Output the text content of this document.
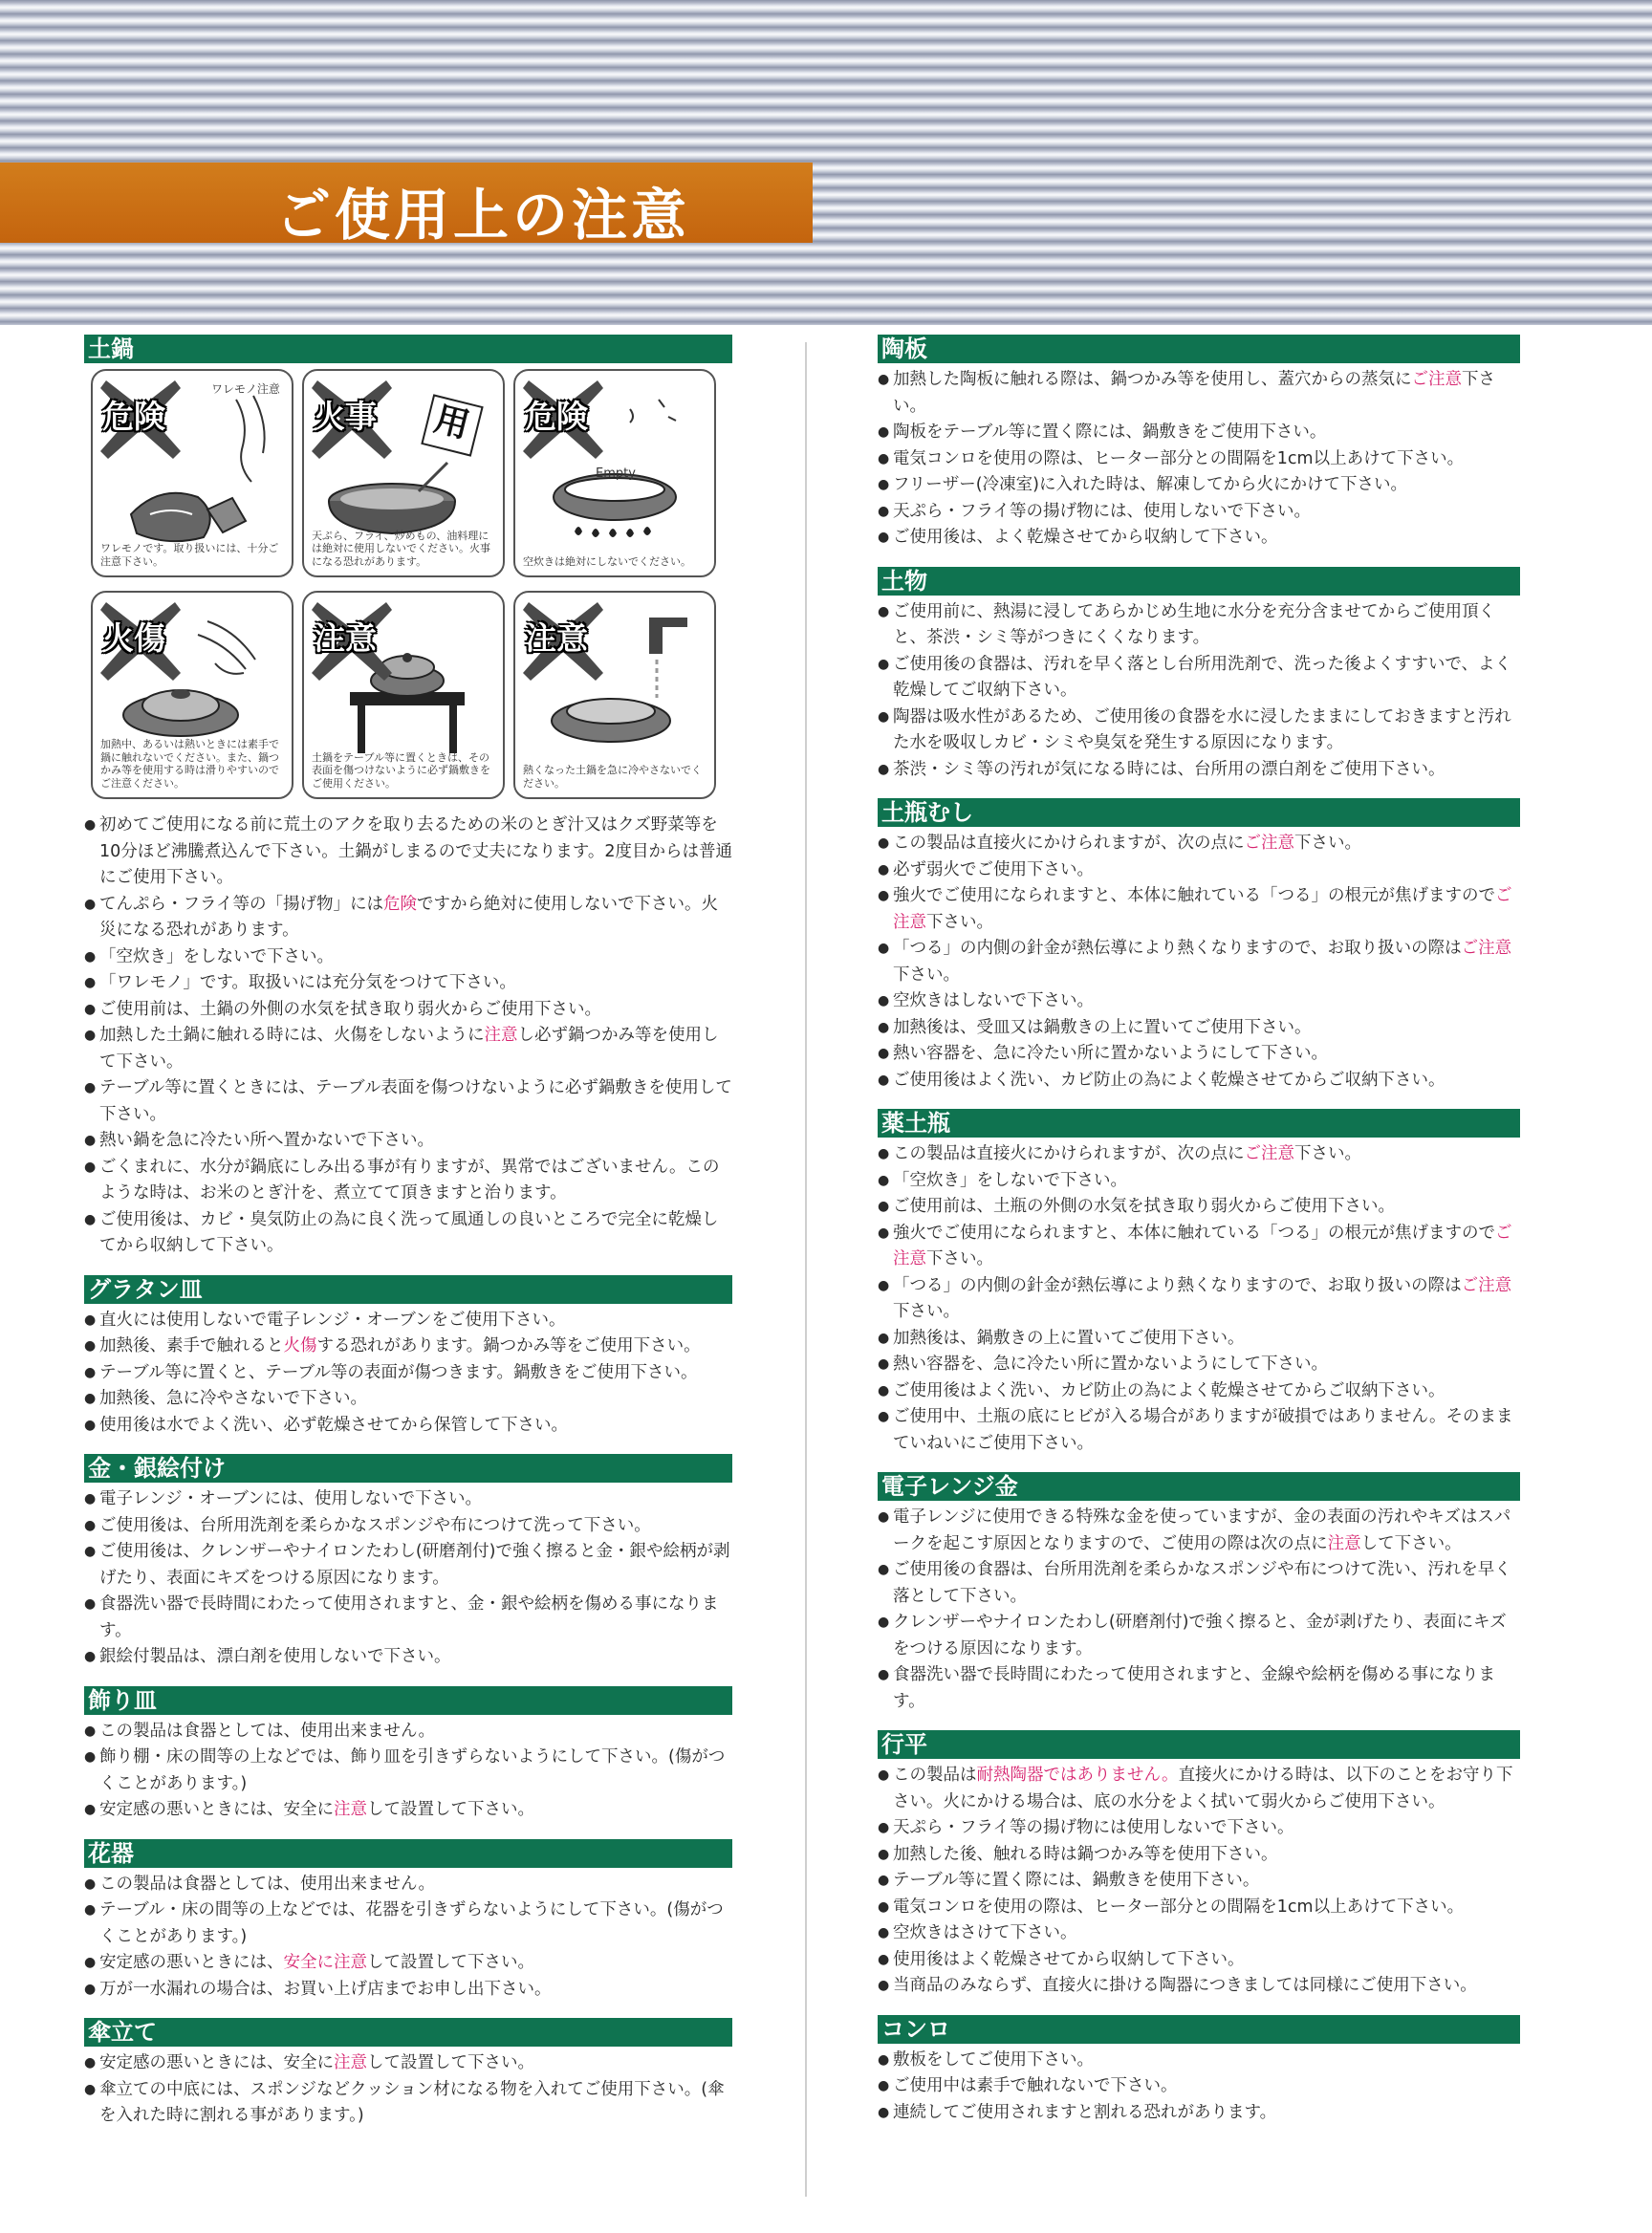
ご使用上の注意
土鍋
危険
ワレモノ注意
ワレモノです。取り扱いには、十分ご注意下さい。
火事 用
天ぷら、フライ、炒めもの、油料理には絶対に使用しないでください。火事になる恐れがあります。
危険
Empty
空炊きは絶対にしないでください。
火傷
加熱中、あるいは熱いときには素手で鍋に触れないでください。また、鍋つかみ等を使用する時は滑りやすいのでご注意ください。
注意
土鍋をテーブル等に置くときは、その表面を傷つけないように必ず鍋敷きをご使用ください。
注意
熱くなった土鍋を急に冷やさないでください。
● 初めてご使用になる前に荒土のアクを取り去るための米のとぎ汁又はクズ野菜等を10分ほど沸騰煮込んで下さい。土鍋がしまるので丈夫になります。2度目からは普通にご使用下さい。
● てんぷら・フライ等の「揚げ物」には危険ですから絶対に使用しないで下さい。火災になる恐れがあります。
● 「空炊き」をしないで下さい。
● 「ワレモノ」です。取扱いには充分気をつけて下さい。
● ご使用前は、土鍋の外側の水気を拭き取り弱火からご使用下さい。
● 加熱した土鍋に触れる時には、火傷をしないように注意し必ず鍋つかみ等を使用して下さい。
● テーブル等に置くときには、テーブル表面を傷つけないように必ず鍋敷きを使用して下さい。
● 熱い鍋を急に冷たい所へ置かないで下さい。
● ごくまれに、水分が鍋底にしみ出る事が有りますが、異常ではございません。このような時は、お米のとぎ汁を、煮立てて頂きますと治ります。
● ご使用後は、カビ・臭気防止の為に良く洗って風通しの良いところで完全に乾燥してから収納して下さい。
グラタン皿
● 直火には使用しないで電子レンジ・オーブンをご使用下さい。
● 加熱後、素手で触れると火傷する恐れがあります。鍋つかみ等をご使用下さい。
● テーブル等に置くと、テーブル等の表面が傷つきます。鍋敷きをご使用下さい。
● 加熱後、急に冷やさないで下さい。
● 使用後は水でよく洗い、必ず乾燥させてから保管して下さい。
金・銀絵付け
● 電子レンジ・オーブンには、使用しないで下さい。
● ご使用後は、台所用洗剤を柔らかなスポンジや布につけて洗って下さい。
● ご使用後は、クレンザーやナイロンたわし(研磨剤付)で強く擦ると金・銀や絵柄が剥げたり、表面にキズをつける原因になります。
● 食器洗い器で長時間にわたって使用されますと、金・銀や絵柄を傷める事になります。
● 銀絵付製品は、漂白剤を使用しないで下さい。
飾り皿
● この製品は食器としては、使用出来ません。
● 飾り棚・床の間等の上などでは、飾り皿を引きずらないようにして下さい。(傷がつくことがあります。)
● 安定感の悪いときには、安全に注意して設置して下さい。
花器
● この製品は食器としては、使用出来ません。
● テーブル・床の間等の上などでは、花器を引きずらないようにして下さい。(傷がつくことがあります。)
● 安定感の悪いときには、安全に注意して設置して下さい。
● 万が一水漏れの場合は、お買い上げ店までお申し出下さい。
傘立て
● 安定感の悪いときには、安全に注意して設置して下さい。
● 傘立ての中底には、スポンジなどクッション材になる物を入れてご使用下さい。(傘を入れた時に割れる事があります。)
陶板
● 加熱した陶板に触れる際は、鍋つかみ等を使用し、蓋穴からの蒸気にご注意下さい。
● 陶板をテーブル等に置く際には、鍋敷きをご使用下さい。
● 電気コンロを使用の際は、ヒーター部分との間隔を1cm以上あけて下さい。
● フリーザー(冷凍室)に入れた時は、解凍してから火にかけて下さい。
● 天ぷら・フライ等の揚げ物には、使用しないで下さい。
● ご使用後は、よく乾燥させてから収納して下さい。
土物
● ご使用前に、熱湯に浸してあらかじめ生地に水分を充分含ませてからご使用頂くと、茶渋・シミ等がつきにくくなります。
● ご使用後の食器は、汚れを早く落とし台所用洗剤で、洗った後よくすすいで、よく乾燥してご収納下さい。
● 陶器は吸水性があるため、ご使用後の食器を水に浸したままにしておきますと汚れた水を吸収しカビ・シミや臭気を発生する原因になります。
● 茶渋・シミ等の汚れが気になる時には、台所用の漂白剤をご使用下さい。
土瓶むし
● この製品は直接火にかけられますが、次の点にご注意下さい。
● 必ず弱火でご使用下さい。
● 強火でご使用になられますと、本体に触れている「つる」の根元が焦げますのでご注意下さい。
● 「つる」の内側の針金が熱伝導により熱くなりますので、お取り扱いの際はご注意下さい。
● 空炊きはしないで下さい。
● 加熱後は、受皿又は鍋敷きの上に置いてご使用下さい。
● 熱い容器を、急に冷たい所に置かないようにして下さい。
● ご使用後はよく洗い、カビ防止の為によく乾燥させてからご収納下さい。
薬土瓶
● この製品は直接火にかけられますが、次の点にご注意下さい。
● 「空炊き」をしないで下さい。
● ご使用前は、土瓶の外側の水気を拭き取り弱火からご使用下さい。
● 強火でご使用になられますと、本体に触れている「つる」の根元が焦げますのでご注意下さい。
● 「つる」の内側の針金が熱伝導により熱くなりますので、お取り扱いの際はご注意下さい。
● 加熱後は、鍋敷きの上に置いてご使用下さい。
● 熱い容器を、急に冷たい所に置かないようにして下さい。
● ご使用後はよく洗い、カビ防止の為によく乾燥させてからご収納下さい。
● ご使用中、土瓶の底にヒビが入る場合がありますが破損ではありません。そのままていねいにご使用下さい。
電子レンジ金
● 電子レンジに使用できる特殊な金を使っていますが、金の表面の汚れやキズはスパークを起こす原因となりますので、ご使用の際は次の点に注意して下さい。
● ご使用後の食器は、台所用洗剤を柔らかなスポンジや布につけて洗い、汚れを早く落として下さい。
● クレンザーやナイロンたわし(研磨剤付)で強く擦ると、金が剥げたり、表面にキズをつける原因になります。
● 食器洗い器で長時間にわたって使用されますと、金線や絵柄を傷める事になります。
行平
● この製品は耐熱陶器ではありません。直接火にかける時は、以下のことをお守り下さい。火にかける場合は、底の水分をよく拭いて弱火からご使用下さい。
● 天ぷら・フライ等の揚げ物には使用しないで下さい。
● 加熱した後、触れる時は鍋つかみ等を使用下さい。
● テーブル等に置く際には、鍋敷きを使用下さい。
● 電気コンロを使用の際は、ヒーター部分との間隔を1cm以上あけて下さい。
● 空炊きはさけて下さい。
● 使用後はよく乾燥させてから収納して下さい。
● 当商品のみならず、直接火に掛ける陶器につきましては同様にご使用下さい。
コンロ
● 敷板をしてご使用下さい。
● ご使用中は素手で触れないで下さい。
● 連続してご使用されますと割れる恐れがあります。
